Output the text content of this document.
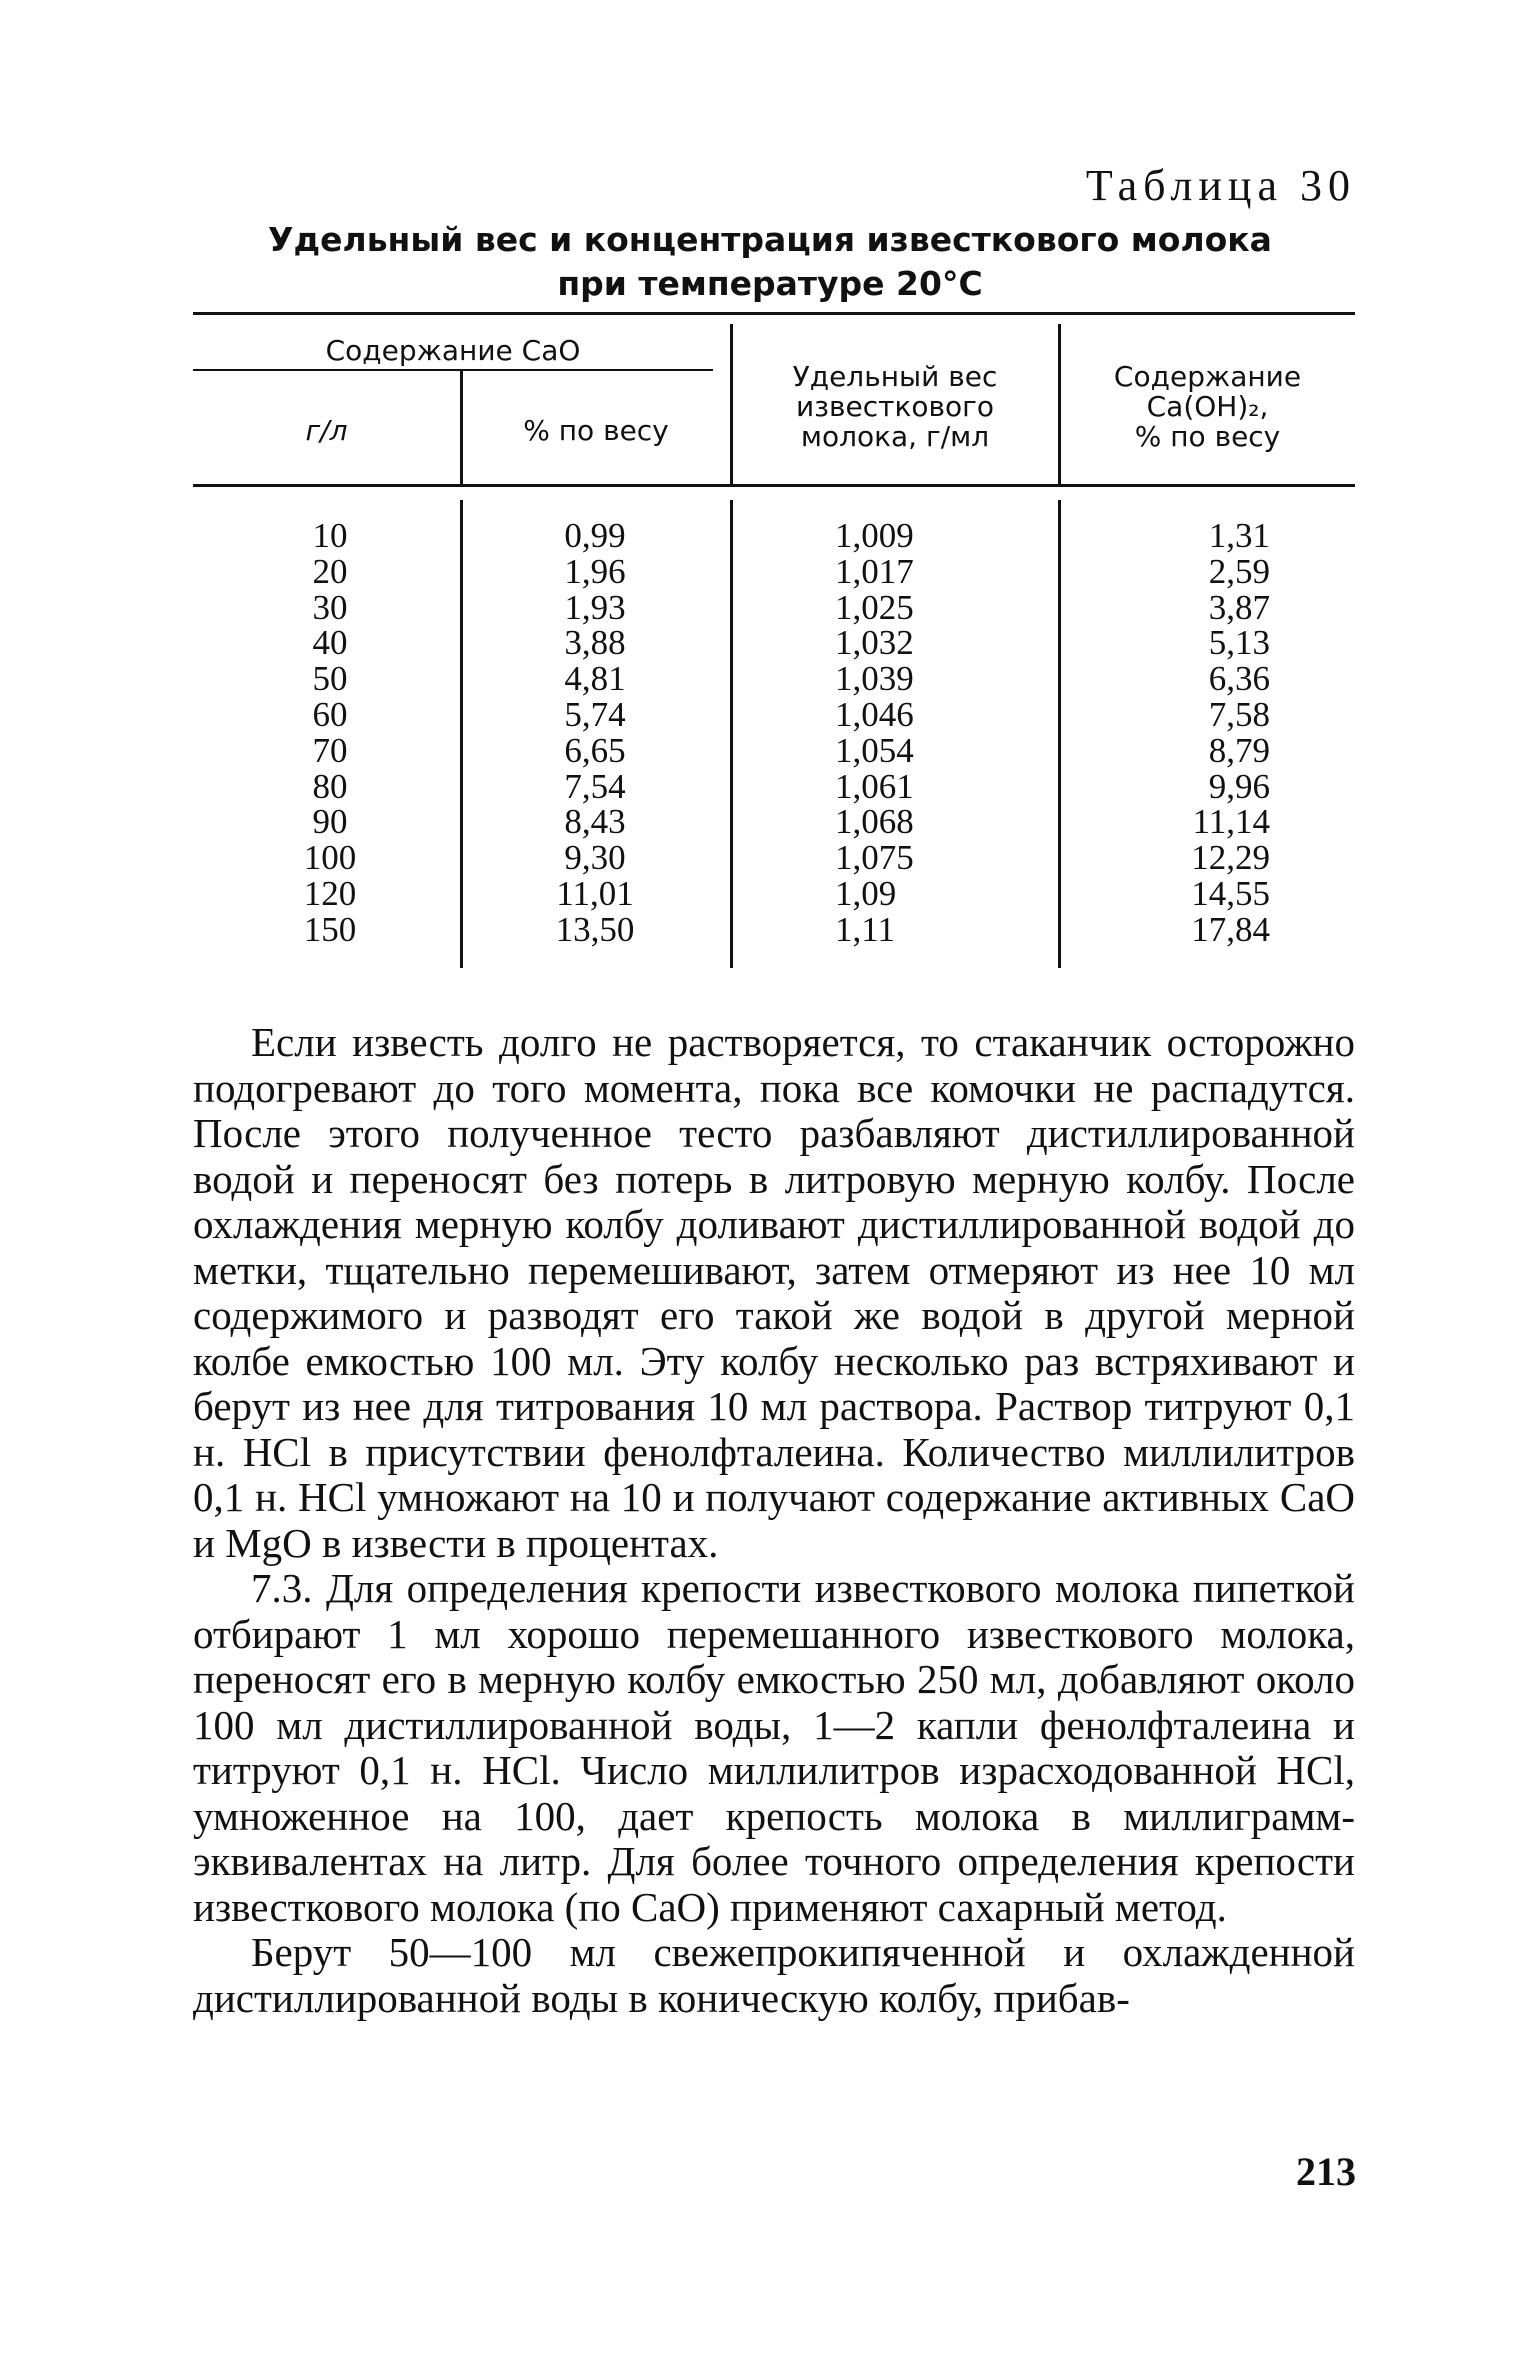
Таблица 30
Удельный вес и концентрация известкового молока
при температуре 20°C
Содержание CaO
г/л	% по весу
Удельный вес
известкового
молока, г/мл
Содержание
Ca(OH)₂,
% по весу
10
20
30
40
50
60
70
80
90
100
120
150
0,99
1,96
1,93
3,88
4,81
5,74
6,65
7,54
8,43
9,30
11,01
13,50
1,009
1,017
1,025
1,032
1,039
1,046
1,054
1,061
1,068
1,075
1,09
1,11
1,31
2,59
3,87
5,13
6,36
7,58
8,79
9,96
11,14
12,29
14,55
17,84

Если известь долго не растворяется, то стаканчик осторожно подогревают до того момента, пока все комочки не распадутся. После этого полученное тесто разбавляют дистиллированной водой и переносят без потерь в литровую мерную колбу. После охлаждения мерную колбу доливают дистиллированной водой до метки, тщательно перемешивают, затем отмеряют из нее 10 мл содержимого и разводят его такой же водой в другой мерной колбе емкостью 100 мл. Эту колбу несколько раз встряхивают и берут из нее для титрования 10 мл раствора. Раствор титруют 0,1 н. HCl в присутствии фенолфталеина. Количество миллилитров 0,1 н. HCl умножают на 10 и получают содержание активных CaO и MgO в извести в процентах.

7.3. Для определения крепости известкового молока пипеткой отбирают 1 мл хорошо перемешанного известкового молока, переносят его в мерную колбу емкостью 250 мл, добавляют около 100 мл дистиллированной воды, 1—2 капли фенолфталеина и титруют 0,1 н. HCl. Число миллилитров израсходованной HCl, умноженное на 100, дает крепость молока в миллиграмм-эквивалентах на литр. Для более точного определения крепости известкового молока (по CaO) применяют сахарный метод.

Берут 50—100 мл свежепрокипяченной и охлажденной дистиллированной воды в коническую колбу, прибав-

213
